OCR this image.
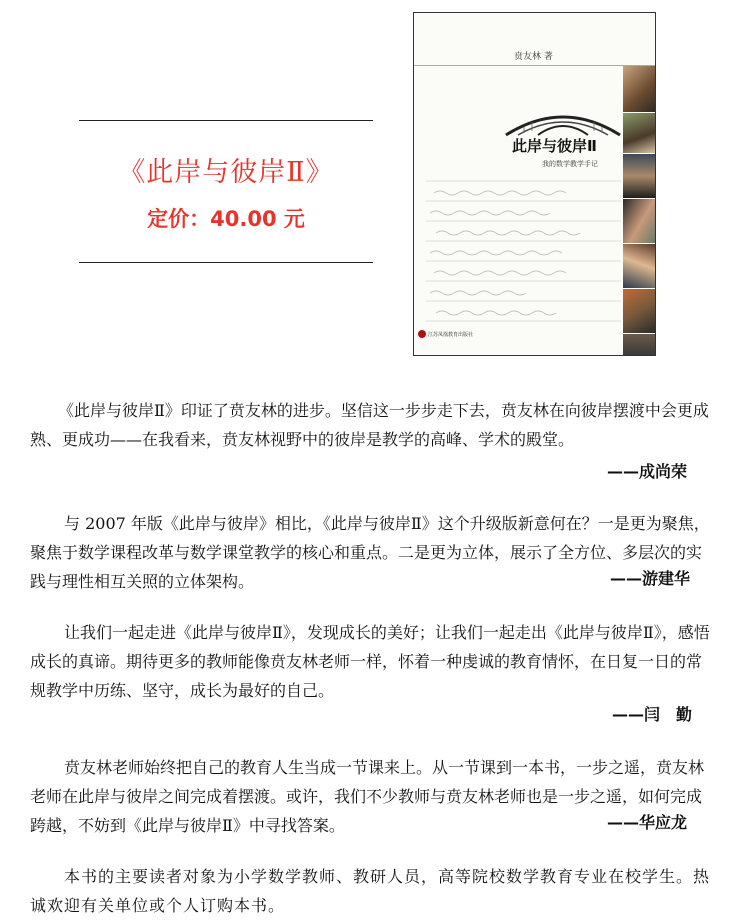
《此岸与彼岸Ⅱ》
定价：40.00 元
贲友林 著
此岸与彼岸Ⅱ
我的数学教学手记
江苏凤凰教育出版社

《此岸与彼岸Ⅱ》印证了贲友林的进步。坚信这一步步走下去，贲友林在向彼岸摆渡中会更成熟、更成功——在我看来，贲友林视野中的彼岸是教学的高峰、学术的殿堂。

——成尚荣

与 2007 年版《此岸与彼岸》相比，《此岸与彼岸Ⅱ》这个升级版新意何在？一是更为聚焦，聚焦于数学课程改革与数学课堂教学的核心和重点。二是更为立体，展示了全方位、多层次的实践与理性相互关照的立体架构。	——游建华

让我们一起走进《此岸与彼岸Ⅱ》，发现成长的美好；让我们一起走出《此岸与彼岸Ⅱ》，感悟成长的真谛。期待更多的教师能像贲友林老师一样，怀着一种虔诚的教育情怀，在日复一日的常规教学中历练、坚守，成长为最好的自己。

——闫　勤

贲友林老师始终把自己的教育人生当成一节课来上。从一节课到一本书，一步之遥，贲友林老师在此岸与彼岸之间完成着摆渡。或许，我们不少教师与贲友林老师也是一步之遥，如何完成跨越，不妨到《此岸与彼岸Ⅱ》中寻找答案。	——华应龙

本书的主要读者对象为小学数学教师、教研人员，高等院校数学教育专业在校学生。热诚欢迎有关单位或个人订购本书。
